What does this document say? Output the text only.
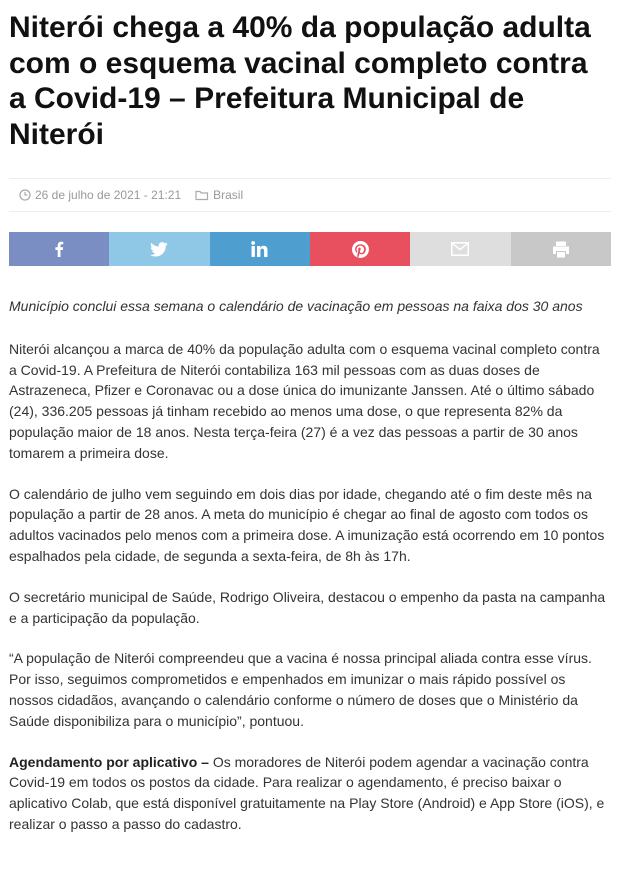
Niterói chega a 40% da população adulta com o esquema vacinal completo contra a Covid-19 – Prefeitura Municipal de Niterói
26 de julho de 2021 - 21:21	Brasil

Município conclui essa semana o calendário de vacinação em pessoas na faixa dos 30 anos

Niterói alcançou a marca de 40% da população adulta com o esquema vacinal completo contra a Covid-19. A Prefeitura de Niterói contabiliza 163 mil pessoas com as duas doses de Astrazeneca, Pfizer e Coronavac ou a dose única do imunizante Janssen. Até o último sábado (24), 336.205 pessoas já tinham recebido ao menos uma dose, o que representa 82% da população maior de 18 anos. Nesta terça-feira (27) é a vez das pessoas a partir de 30 anos tomarem a primeira dose.

O calendário de julho vem seguindo em dois dias por idade, chegando até o fim deste mês na população a partir de 28 anos. A meta do município é chegar ao final de agosto com todos os adultos vacinados pelo menos com a primeira dose. A imunização está ocorrendo em 10 pontos espalhados pela cidade, de segunda a sexta-feira, de 8h às 17h.

O secretário municipal de Saúde, Rodrigo Oliveira, destacou o empenho da pasta na campanha e a participação da população.

“A população de Niterói compreendeu que a vacina é nossa principal aliada contra esse vírus. Por isso, seguimos comprometidos e empenhados em imunizar o mais rápido possível os nossos cidadãos, avançando o calendário conforme o número de doses que o Ministério da Saúde disponibiliza para o município”, pontuou.

Agendamento por aplicativo – Os moradores de Niterói podem agendar a vacinação contra Covid-19 em todos os postos da cidade. Para realizar o agendamento, é preciso baixar o aplicativo Colab, que está disponível gratuitamente na Play Store (Android) e App Store (iOS), e realizar o passo a passo do cadastro.
